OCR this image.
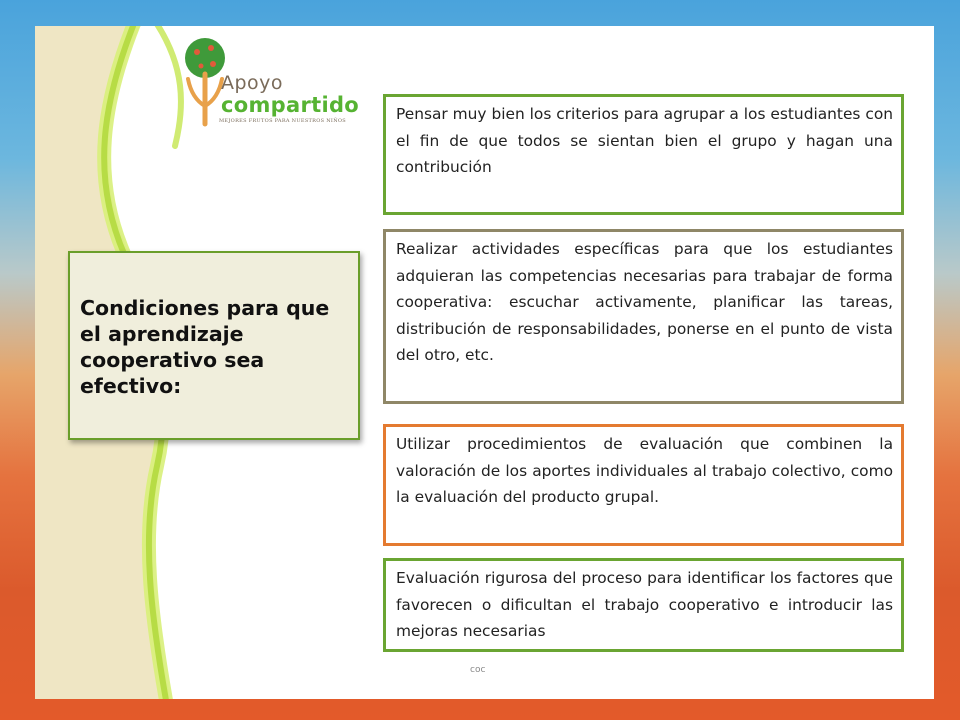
Apoyo
compartido
MEJORES FRUTOS PARA NUESTROS NIÑOS

Condiciones para que el aprendizaje cooperativo sea efectivo:

Pensar muy bien los criterios para agrupar a los estudiantes con el fin de que todos se sientan bien el grupo y hagan una contribución

Realizar actividades específicas para que los estudiantes adquieran las competencias necesarias para trabajar de forma cooperativa: escuchar activamente, planificar las tareas, distribución de responsabilidades, ponerse en el punto de vista del otro, etc.

Utilizar procedimientos de evaluación que combinen la valoración de los aportes individuales al trabajo colectivo, como la evaluación del producto grupal.

Evaluación rigurosa del proceso para identificar los factores que favorecen o dificultan el trabajo cooperativo e introducir las mejoras necesarias

coc
